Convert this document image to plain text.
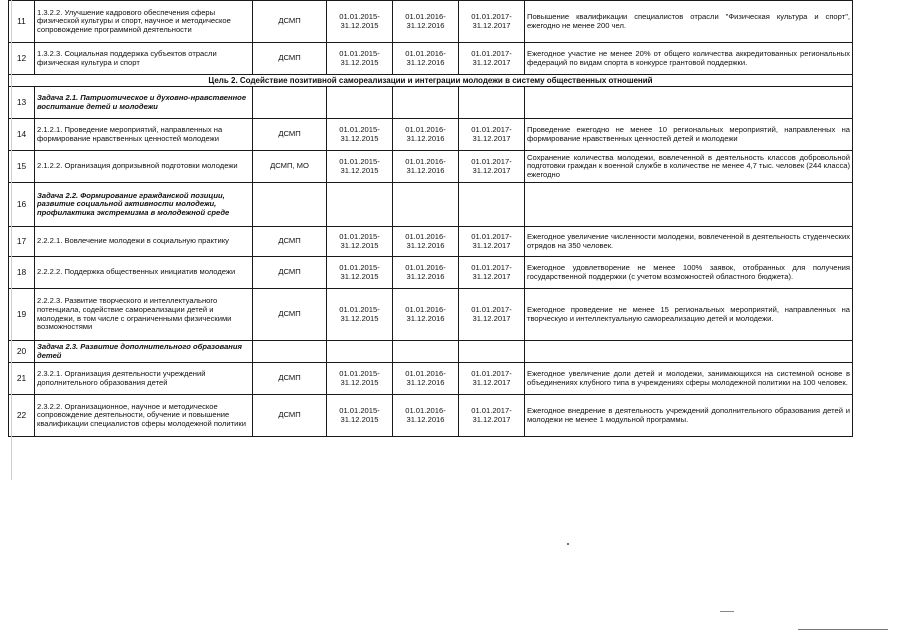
11	1.3.2.2. Улучшение кадрового обеспечения сферы физической культуры и спорт, научное и методическое сопровождение программной деятельности	ДСМП	01.01.2015-31.12.2015	01.01.2016-31.12.2016	01.01.2017-31.12.2017	Повышение квалификации специалистов отрасли "Физическая культура и спорт", ежегодно не менее 200 чел.
12	1.3.2.3. Социальная поддержка субъектов отрасли физическая культура и спорт	ДСМП	01.01.2015-31.12.2015	01.01.2016-31.12.2016	01.01.2017-31.12.2017	Ежегодное участие не менее 20% от общего количества аккредитованных региональных федераций по видам спорта в конкурсе грантовой поддержки.
Цель 2. Содействие позитивной самореализации и интеграции молодежи в систему общественных отношений						
13	Задача 2.1. Патриотическое и духовно-нравственное воспитание детей и молодежи					
14	2.1.2.1. Проведение мероприятий, направленных на формирование нравственных ценностей молодежи	ДСМП	01.01.2015-31.12.2015	01.01.2016-31.12.2016	01.01.2017-31.12.2017	Проведение ежегодно не менее 10 региональных мероприятий, направленных на формирование нравственных ценностей детей и молодежи
15	2.1.2.2. Организация допризывной подготовки молодежи	ДСМП, МО	01.01.2015-31.12.2015	01.01.2016-31.12.2016	01.01.2017-31.12.2017	Сохранение количества молодежи, вовлеченной в деятельность классов добровольной подготовки граждан к военной службе в количестве не менее 4,7 тыс. человек (244 класса) ежегодно
16	Задача 2.2. Формирование гражданской позиции, развитие социальной активности молодежи, профилактика экстремизма в молодежной среде					
17	2.2.2.1. Вовлечение молодежи в социальную практику	ДСМП	01.01.2015-31.12.2015	01.01.2016-31.12.2016	01.01.2017-31.12.2017	Ежегодное увеличение численности молодежи, вовлеченной в деятельность студенческих отрядов на 350 человек.
18	2.2.2.2. Поддержка общественных инициатив молодежи	ДСМП	01.01.2015-31.12.2015	01.01.2016-31.12.2016	01.01.2017-31.12.2017	Ежегодное удовлетворение не менее 100% заявок, отобранных для получения государственной поддержки (с учетом возможностей областного бюджета).
19	2.2.2.3. Развитие творческого и интеллектуального потенциала, содействие самореализации детей и молодежи, в том числе с ограниченными физическими возможностями	ДСМП	01.01.2015-31.12.2015	01.01.2016-31.12.2016	01.01.2017-31.12.2017	Ежегодное проведение не менее 15 региональных мероприятий, направленных на творческую и интеллектуальную самореализацию детей и молодежи.
20	Задача 2.3. Развитие дополнительного образования детей					
21	2.3.2.1. Организация деятельности учреждений дополнительного образования детей	ДСМП	01.01.2015-31.12.2015	01.01.2016-31.12.2016	01.01.2017-31.12.2017	Ежегодное увеличение доли детей и молодежи, занимающихся на системной основе в объединениях клубного типа в учреждениях сферы молодежной политики на 100 человек.
22	2.3.2.2. Организационное, научное и методическое сопровождение деятельности, обучение и повышение квалификации специалистов сферы молодежной политики	ДСМП	01.01.2015-31.12.2015	01.01.2016-31.12.2016	01.01.2017-31.12.2017	Ежегодное внедрение в деятельность учреждений дополнительного образования детей и молодежи не менее 1 модульной программы.
